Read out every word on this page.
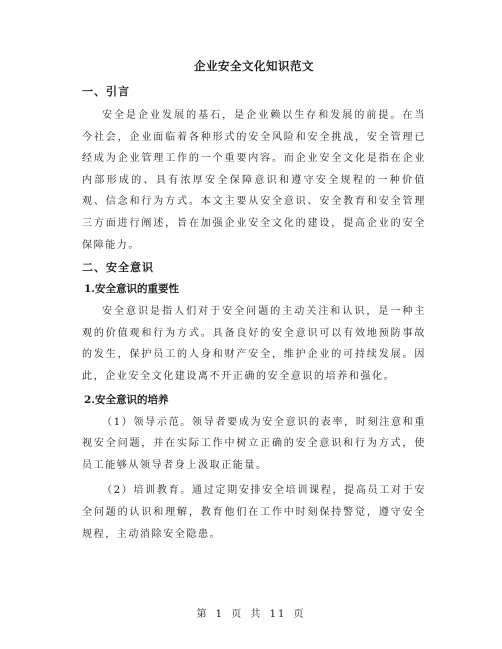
企业安全文化知识范文
一、引言

安全是企业发展的基石，是企业赖以生存和发展的前提。在当今社会，企业面临着各种形式的安全风险和安全挑战，安全管理已经成为企业管理工作的一个重要内容。而企业安全文化是指在企业内部形成的、具有浓厚安全保障意识和遵守安全规程的一种价值观、信念和行为方式。本文主要从安全意识、安全教育和安全管理三方面进行阐述，旨在加强企业安全文化的建设，提高企业的安全保障能力。

二、安全意识
1.安全意识的重要性

安全意识是指人们对于安全问题的主动关注和认识，是一种主观的价值观和行为方式。具备良好的安全意识可以有效地预防事故的发生，保护员工的人身和财产安全，维护企业的可持续发展。因此，企业安全文化建设离不开正确的安全意识的培养和强化。

2.安全意识的培养

（1）领导示范。领导者要成为安全意识的表率，时刻注意和重视安全问题，并在实际工作中树立正确的安全意识和行为方式，使员工能够从领导者身上汲取正能量。

（2）培训教育。通过定期安排安全培训课程，提高员工对于安全问题的认识和理解，教育他们在工作中时刻保持警觉，遵守安全规程，主动消除安全隐患。

第 1 页 共 11 页
